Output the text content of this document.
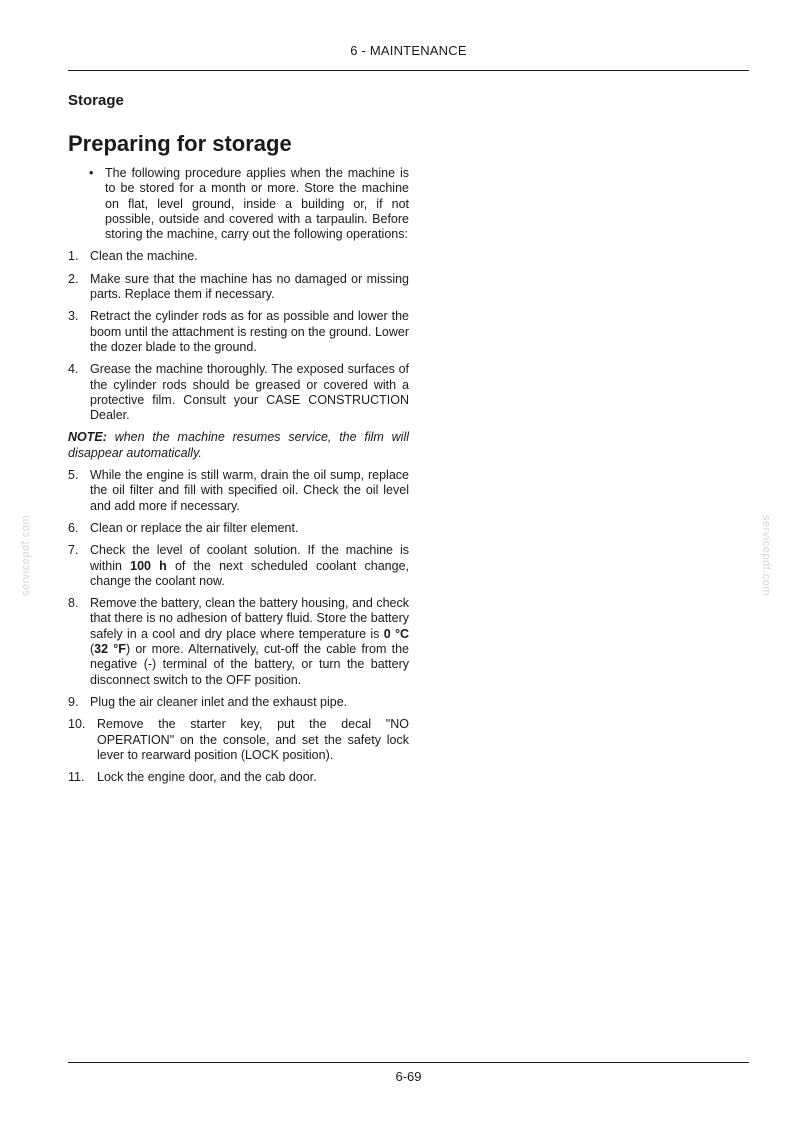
6 - MAINTENANCE
Storage
Preparing for storage

• The following procedure applies when the machine is to be stored for a month or more. Store the machine on flat, level ground, inside a building or, if not possible, outside and covered with a tarpaulin. Before storing the machine, carry out the following operations:

1. Clean the machine.
2. Make sure that the machine has no damaged or missing parts. Replace them if necessary.
3. Retract the cylinder rods as for as possible and lower the boom until the attachment is resting on the ground. Lower the dozer blade to the ground.
4. Grease the machine thoroughly. The exposed surfaces of the cylinder rods should be greased or covered with a protective film. Consult your CASE CONSTRUCTION Dealer.

NOTE: when the machine resumes service, the film will disappear automatically.

5. While the engine is still warm, drain the oil sump, replace the oil filter and fill with specified oil. Check the oil level and add more if necessary.
6. Clean or replace the air filter element.
7. Check the level of coolant solution. If the machine is within 100 h of the next scheduled coolant change, change the coolant now.
8. Remove the battery, clean the battery housing, and check that there is no adhesion of battery fluid. Store the battery safely in a cool and dry place where temperature is 0 °C (32 °F) or more. Alternatively, cut-off the cable from the negative (-) terminal of the battery, or turn the battery disconnect switch to the OFF position.
9. Plug the air cleaner inlet and the exhaust pipe.
10. Remove the starter key, put the decal "NO OPERATION" on the console, and set the safety lock lever to rearward position (LOCK position).
11.	Lock the engine door, and the cab door.
servicepdf.com	servicepdf.com
6-69
